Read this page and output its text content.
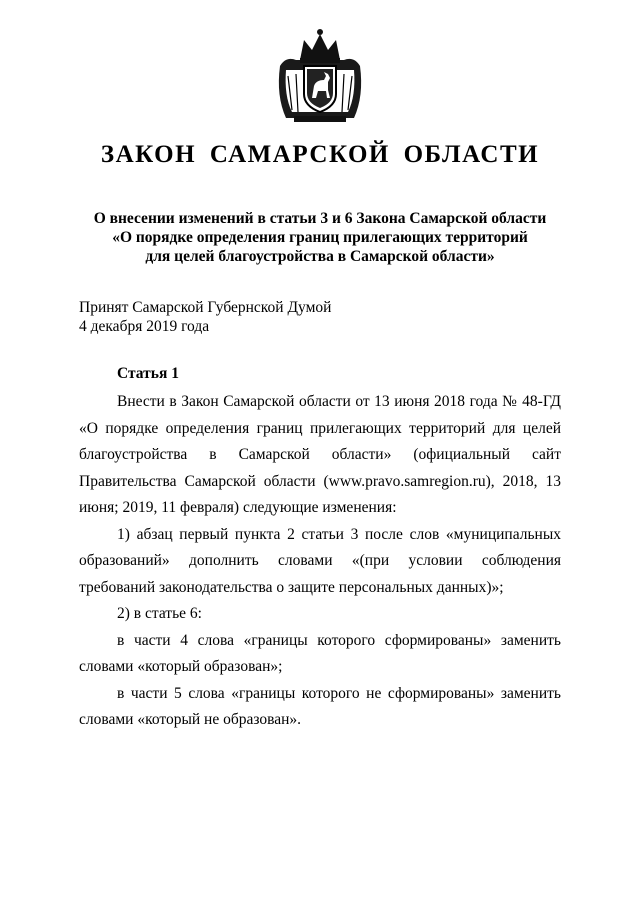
ЗАКОН САМАРСКОЙ ОБЛАСТИ
О внесении изменений в статьи 3 и 6 Закона Самарской области
«О порядке определения границ прилегающих территорий
для целей благоустройства в Самарской области»
Принят Самарской Губернской Думой
4 декабря 2019 года
Статья 1

Внести в Закон Самарской области от 13 июня 2018 года № 48-ГД «О порядке определения границ прилегающих территорий для целей благоустройства в Самарской области» (официальный сайт Правительства Самарской области (www.pravo.samregion.ru), 2018, 13 июня; 2019, 11 февраля) следующие изменения:

1) абзац первый пункта 2 статьи 3 после слов «муниципальных образований» дополнить словами «(при условии соблюдения требований законодательства о защите персональных данных)»;

2) в статье 6:

в части 4 слова «границы которого сформированы» заменить словами «который образован»;

в части 5 слова «границы которого не сформированы» заменить словами «который не образован».
